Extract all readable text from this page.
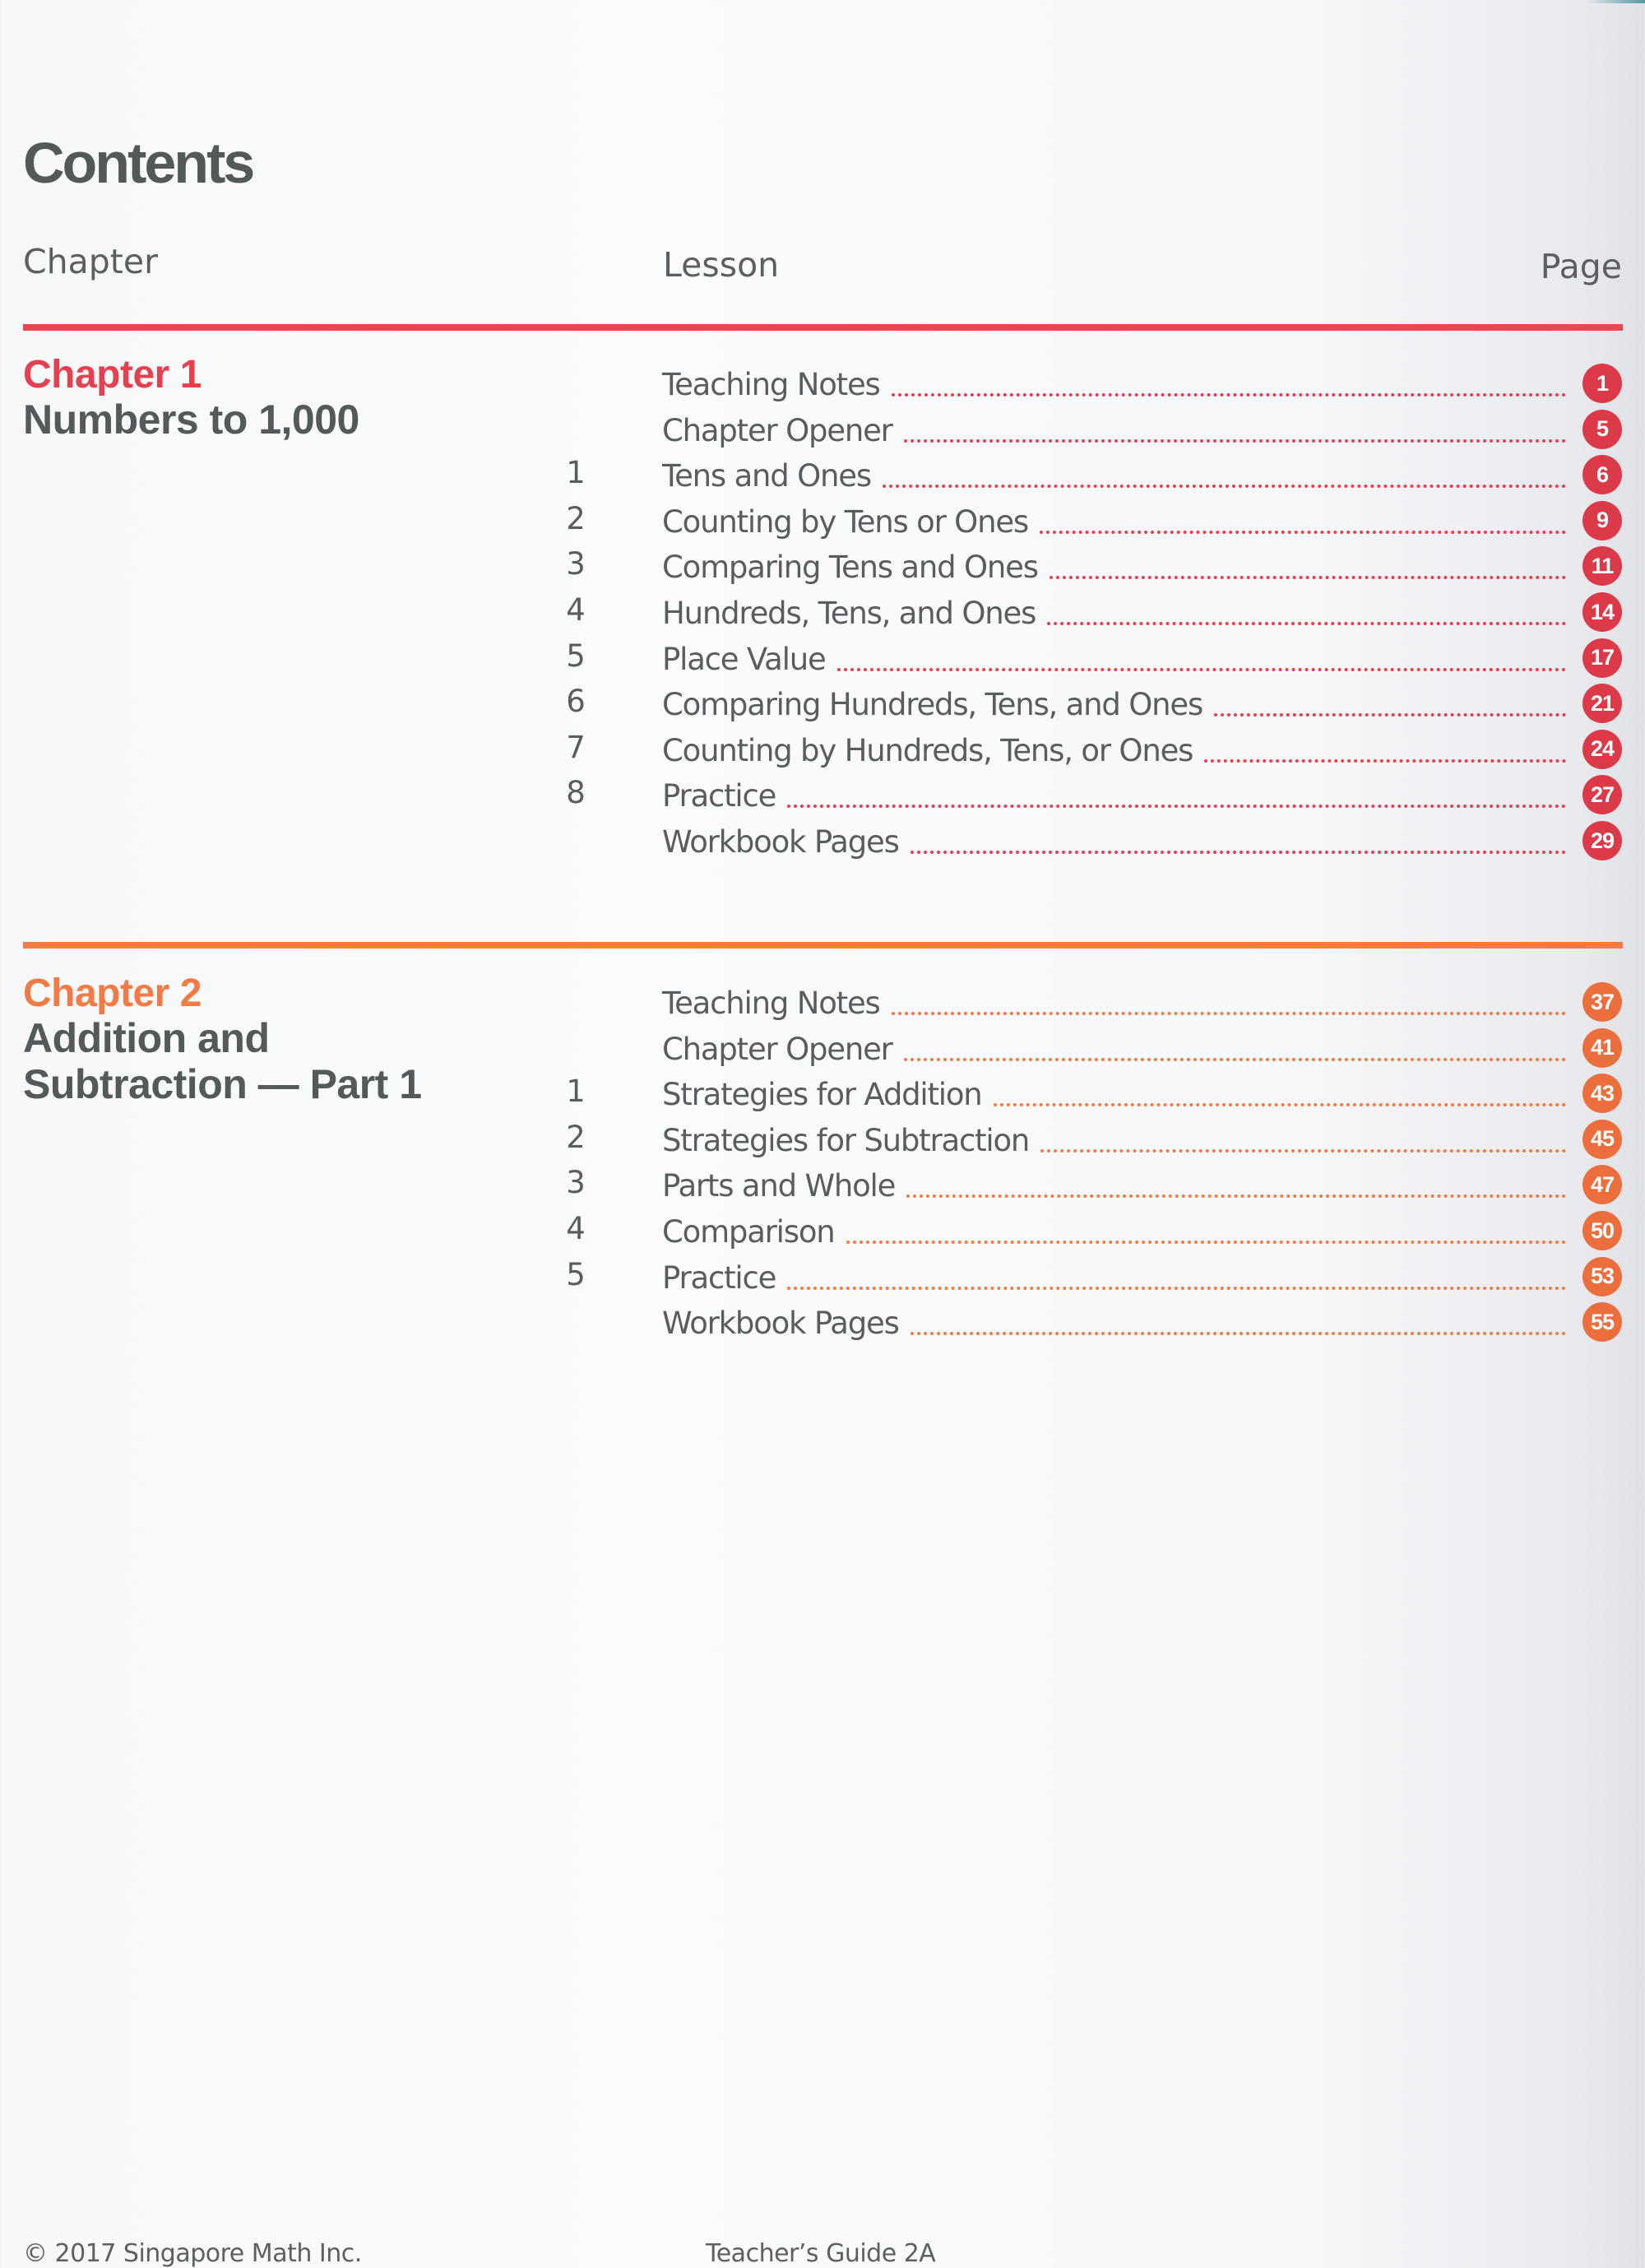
Contents
Chapter	Lesson	Page
Chapter 1
Numbers to 1,000
Teaching Notes	1
Chapter Opener	5
1	Tens and Ones	6
2	Counting by Tens or Ones	9
3	Comparing Tens and Ones	11
4	Hundreds, Tens, and Ones	14
5	Place Value	17
6	Comparing Hundreds, Tens, and Ones	21
7	Counting by Hundreds, Tens, or Ones	24
8	Practice	27
Workbook Pages	29
Chapter 2
Addition and Subtraction — Part 1
Teaching Notes	37
Chapter Opener	41
1	Strategies for Addition	43
2	Strategies for Subtraction	45
3	Parts and Whole	47
4	Comparison	50
5	Practice	53
Workbook Pages	55
© 2017 Singapore Math Inc.	Teacher’s Guide 2A
